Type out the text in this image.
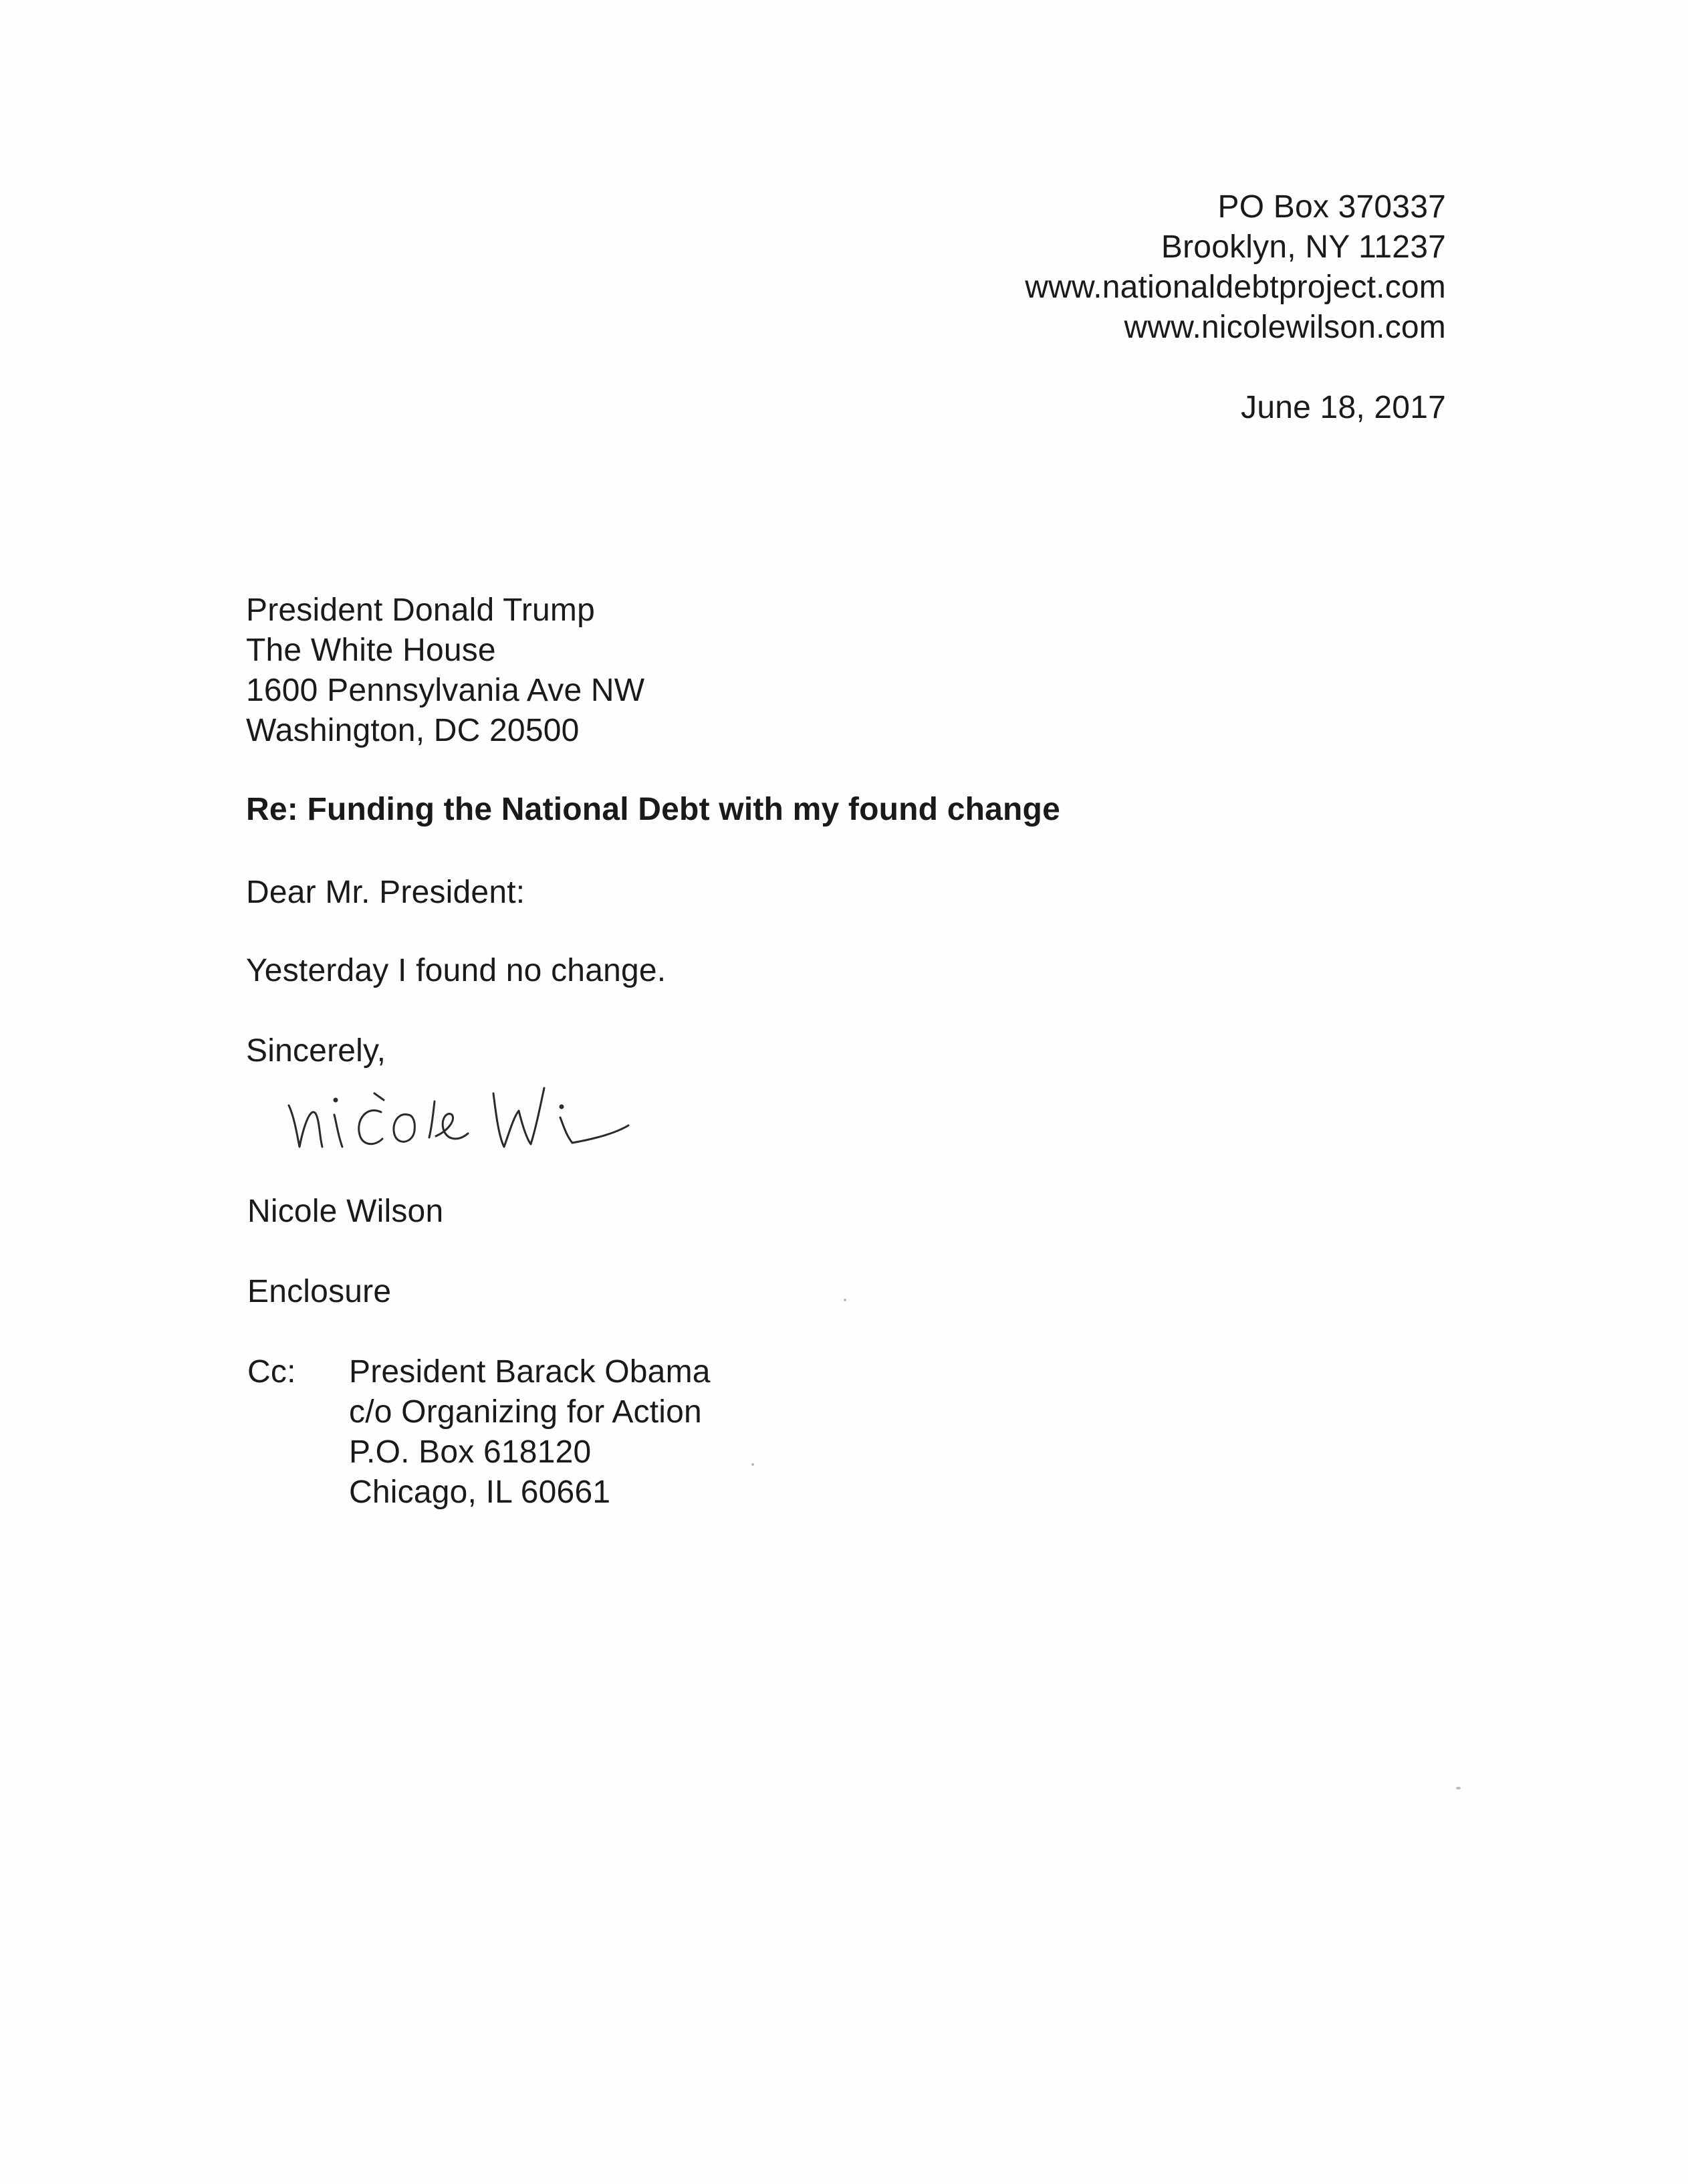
PO Box 370337
Brooklyn, NY 11237
www.nationaldebtproject.com
www.nicolewilson.com
June 18, 2017
President Donald Trump
The White House
1600 Pennsylvania Ave NW
Washington, DC 20500
Re: Funding the National Debt with my found change
Dear Mr. President:
Yesterday I found no change.
Sincerely,
Nicole Wilson
Enclosure
Cc: President Barack Obama
c/o Organizing for Action
P.O. Box 618120
Chicago, IL 60661
